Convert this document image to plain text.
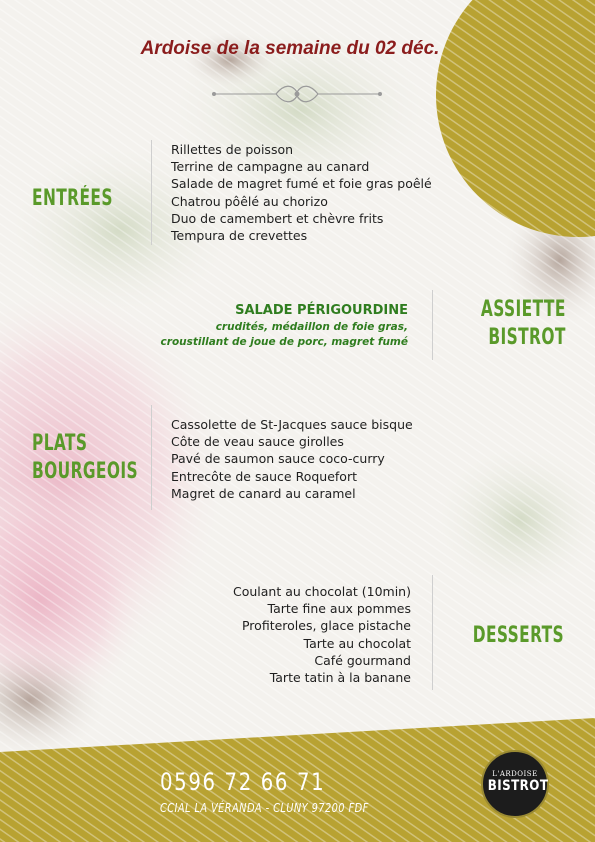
Ardoise de la semaine du 02 déc.
ENTRÉES
Rillettes de poisson
Terrine de campagne au canard
Salade de magret fumé et foie gras poêlé
Chatrou pôêlé au chorizo
Duo de camembert et chèvre frits
Tempura de crevettes
ASSIETTE
BISTROT
SALADE PÉRIGOURDINE
crudités, médaillon de foie gras,
croustillant de joue de porc, magret fumé
PLATS
BOURGEOIS
Cassolette de St-Jacques sauce bisque
Côte de veau sauce girolles
Pavé de saumon sauce coco-curry
Entrecôte de sauce Roquefort
Magret de canard au caramel
DESSERTS
Coulant au chocolat (10min)
Tarte fine aux pommes
Profiteroles, glace pistache
Tarte au chocolat
Café gourmand
Tarte tatin à la banane
0596 72 66 71
CCIAL LA VÉRANDA - CLUNY 97200 FDF
L'ARDOISE
BISTROT
